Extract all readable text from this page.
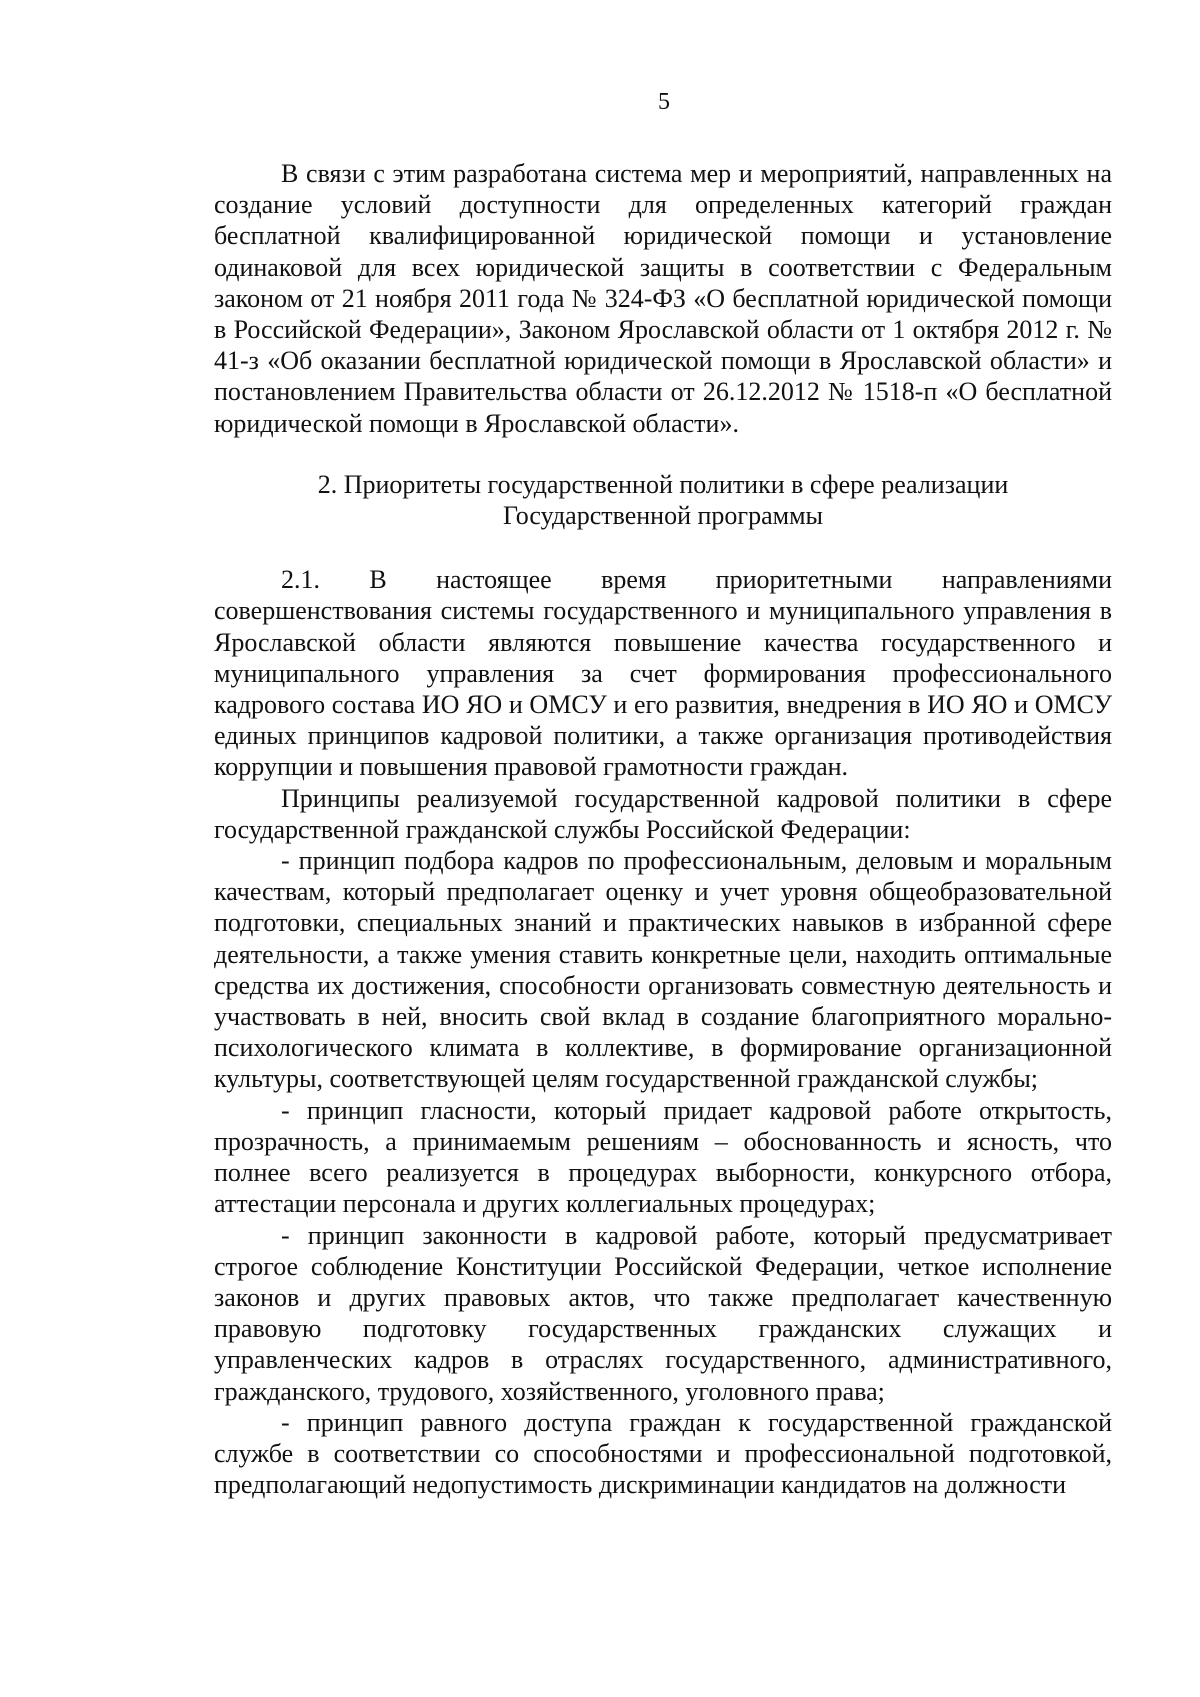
5

В связи с этим разработана система мер и мероприятий, направленных на создание условий доступности для определенных категорий граждан бесплатной квалифицированной юридической помощи и установление одинаковой для всех юридической защиты в соответствии с Федеральным законом от 21 ноября 2011 года № 324-ФЗ «О бесплатной юридической помощи в Российской Федерации», Законом Ярославской области от 1 октября 2012 г. № 41-з «Об оказании бесплатной юридической помощи в Ярославской области» и постановлением Правительства области от 26.12.2012 № 1518-п «О бесплатной юридической помощи в Ярославской области».

2. Приоритеты государственной политики в сфере реализации
Государственной программы

2.1. В настоящее время приоритетными направлениями совершенствования системы государственного и муниципального управления в Ярославской области являются повышение качества государственного и муниципального управления за счет формирования профессионального кадрового состава ИО ЯО и ОМСУ и его развития, внедрения в ИО ЯО и ОМСУ единых принципов кадровой политики, а также организация противодействия коррупции и повышения правовой грамотности граждан.

Принципы реализуемой государственной кадровой политики в сфере государственной гражданской службы Российской Федерации:

- принцип подбора кадров по профессиональным, деловым и моральным качествам, который предполагает оценку и учет уровня общеобразовательной подготовки, специальных знаний и практических навыков в избранной сфере деятельности, а также умения ставить конкретные цели, находить оптимальные средства их достижения, способности организовать совместную деятельность и участвовать в ней, вносить свой вклад в создание благоприятного морально-психологического климата в коллективе, в формирование организационной культуры, соответствующей целям государственной гражданской службы;

- принцип гласности, который придает кадровой работе открытость, прозрачность, а принимаемым решениям – обоснованность и ясность, что полнее всего реализуется в процедурах выборности, конкурсного отбора, аттестации персонала и других коллегиальных процедурах;

- принцип законности в кадровой работе, который предусматривает строгое соблюдение Конституции Российской Федерации, четкое исполнение законов и других правовых актов, что также предполагает качественную правовую подготовку государственных гражданских служащих и управленческих кадров в отраслях государственного, административного, гражданского, трудового, хозяйственного, уголовного права;

- принцип равного доступа граждан к государственной гражданской службе в соответствии со способностями и профессиональной подготовкой, предполагающий недопустимость дискриминации кандидатов на должности
